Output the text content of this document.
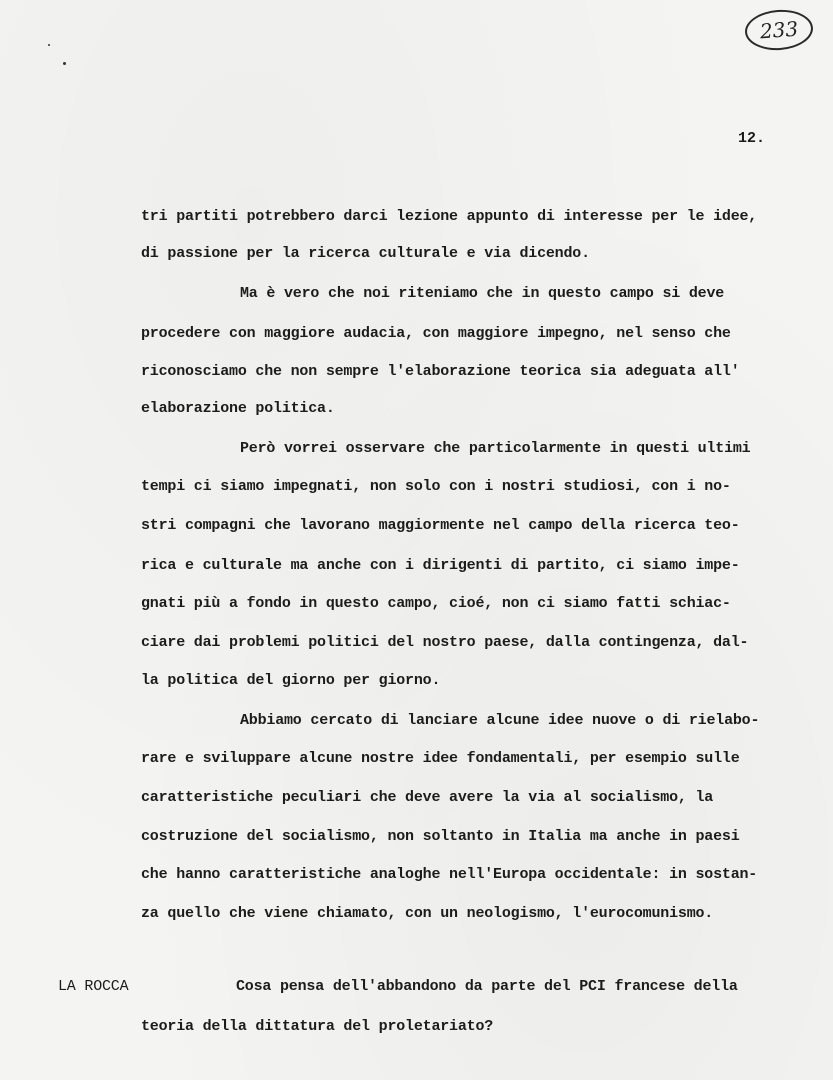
233
12.
tri partiti potrebbero darci lezione appunto di interesse per le idee,
di passione per la ricerca culturale e via dicendo.
Ma è vero che noi riteniamo che in questo campo si deve
procedere con maggiore audacia, con maggiore impegno, nel senso che
riconosciamo che non sempre l'elaborazione teorica sia adeguata all'
elaborazione politica.
Però vorrei osservare che particolarmente in questi ultimi
tempi ci siamo impegnati, non solo con i nostri studiosi, con i no-
stri compagni che lavorano maggiormente nel campo della ricerca teo-
rica e culturale ma anche con i dirigenti di partito, ci siamo impe-
gnati più a fondo in questo campo, cioé, non ci siamo fatti schiac-
ciare dai problemi politici del nostro paese, dalla contingenza, dal-
la politica del giorno per giorno.
Abbiamo cercato di lanciare alcune idee nuove o di rielabo-
rare e sviluppare alcune nostre idee fondamentali, per esempio sulle
caratteristiche peculiari che deve avere la via al socialismo, la
costruzione del socialismo, non soltanto in Italia ma anche in paesi
che hanno caratteristiche analoghe nell'Europa occidentale: in sostan-
za quello che viene chiamato, con un neologismo, l'eurocomunismo.
LA ROCCA	Cosa pensa dell'abbandono da parte del PCI francese della
teoria della dittatura del proletariato?
